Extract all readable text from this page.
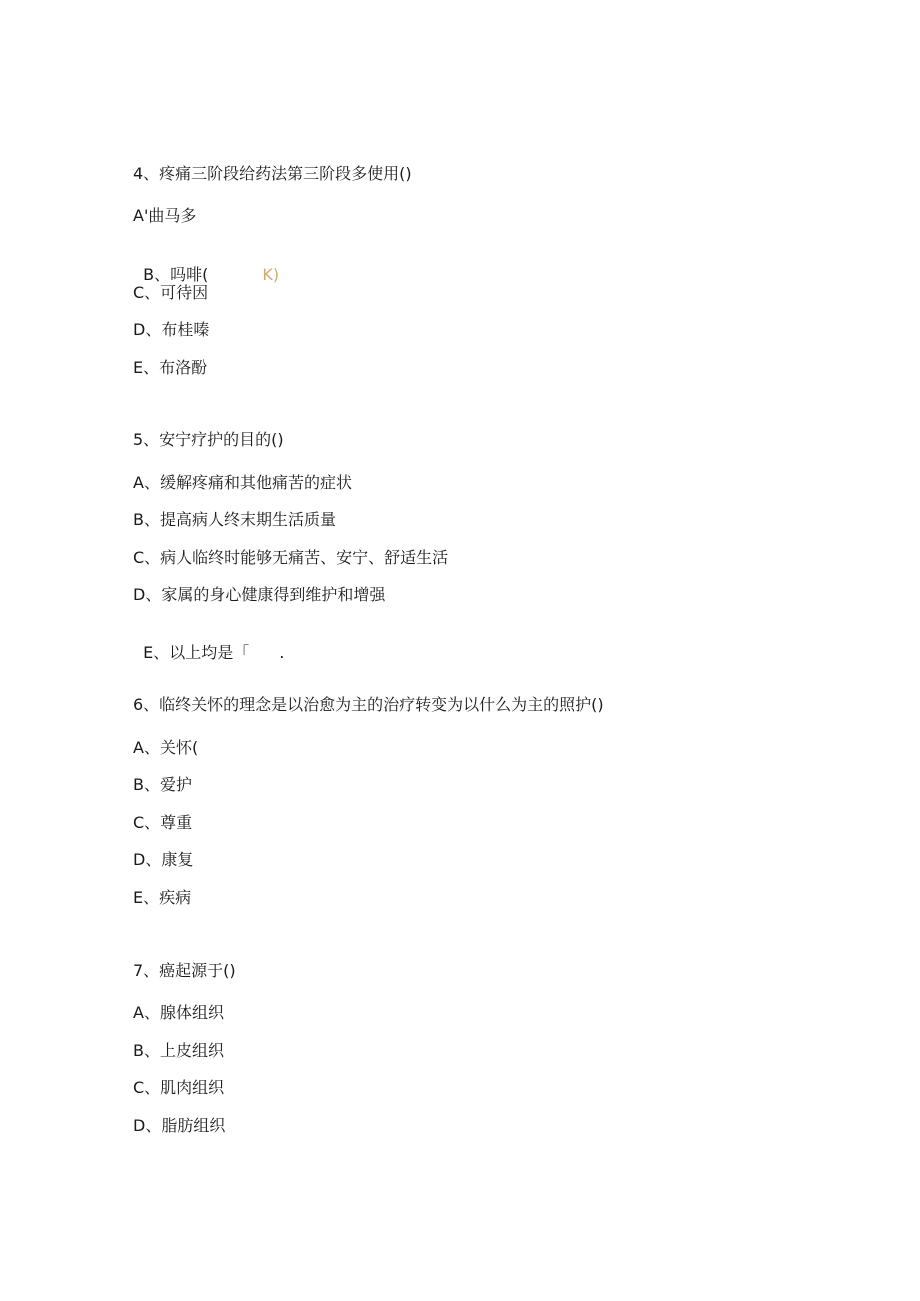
4、疼痛三阶段给药法第三阶段多使用()
A'曲马多

B、吗啡(	K)

C、可待因
D、布桂嗪
E、布洛酚
5、安宁疗护的目的()
A、缓解疼痛和其他痛苦的症状
B、提高病人终末期生活质量
C、病人临终时能够无痛苦、安宁、舒适生活
D、家属的身心健康得到维护和增强

E、以上均是「 .

6、临终关怀的理念是以治愈为主的治疗转变为以什么为主的照护()
A、关怀(
B、爱护
C、尊重
D、康复
E、疾病
7、癌起源于()
A、腺体组织
B、上皮组织
C、肌肉组织
D、脂肪组织
